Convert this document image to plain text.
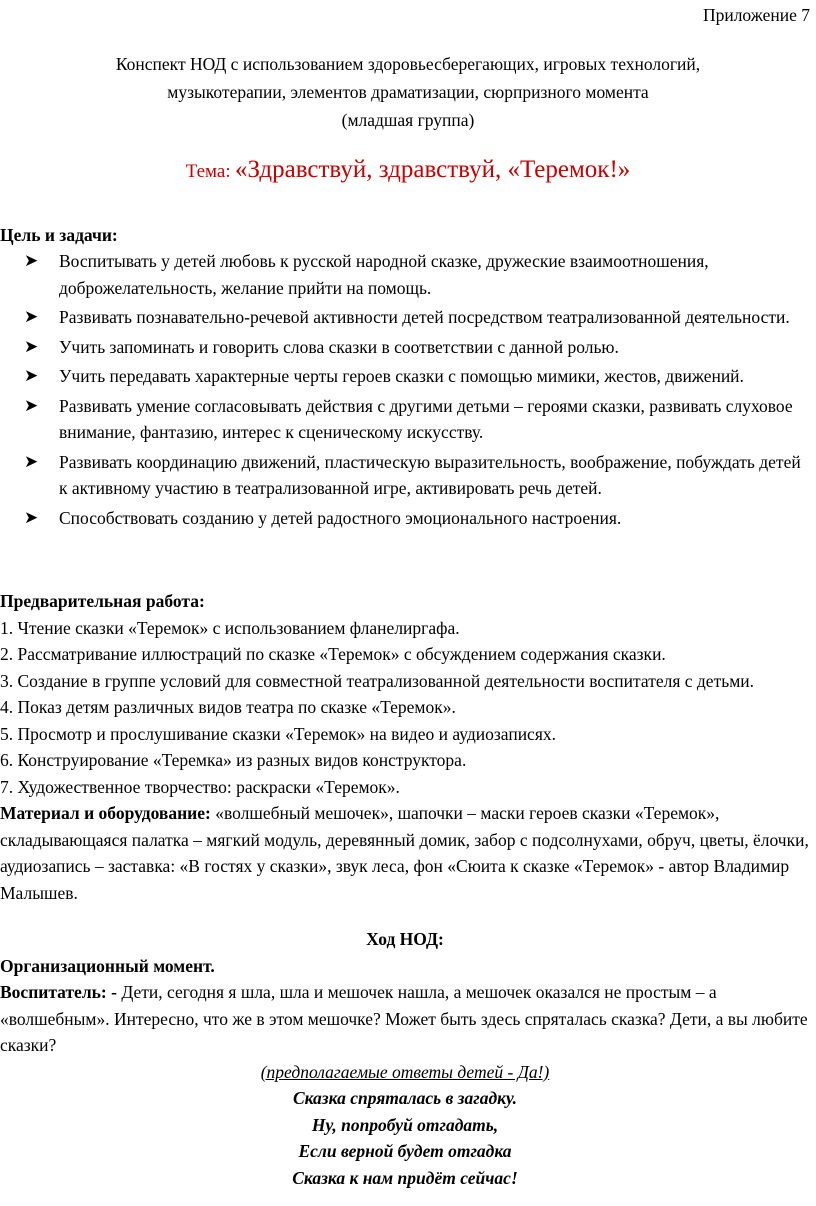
Приложение 7
Конспект НОД с использованием здоровьесберегающих, игровых технологий,
музыкотерапии, элементов драматизации, сюрпризного момента
(младшая группа)
Тема: «Здравствуй, здравствуй, «Теремок!»
Цель и задачи:
➤ Воспитывать у детей любовь к русской народной сказке, дружеские взаимоотношения, доброжелательность, желание прийти на помощь.
➤ Развивать познавательно-речевой активности детей посредством театрализованной деятельности.
➤ Учить запоминать и говорить слова сказки в соответствии с данной ролью.
➤ Учить передавать характерные черты героев сказки с помощью мимики, жестов, движений.
➤ Развивать умение согласовывать действия с другими детьми – героями сказки, развивать слуховое внимание, фантазию, интерес к сценическому искусству.
➤ Развивать координацию движений, пластическую выразительность, воображение, побуждать детей к активному участию в театрализованной игре, активировать речь детей.
➤ Способствовать созданию у детей радостного эмоционального настроения.

Предварительная работа:

1. Чтение сказки «Теремок» с использованием фланелиргафа.

2. Рассматривание иллюстраций по сказке «Теремок» с обсуждением содержания сказки.

3. Создание в группе условий для совместной театрализованной деятельности воспитателя с детьми.

4. Показ детям различных видов театра по сказке «Теремок».

5. Просмотр и прослушивание сказки «Теремок» на видео и аудиозаписях.

6. Конструирование «Теремка» из разных видов конструктора.

7. Художественное творчество: раскраски «Теремок».

Материал и оборудование: «волшебный мешочек», шапочки – маски героев сказки «Теремок», складывающаяся палатка – мягкий модуль, деревянный домик, забор с подсолнухами, обруч, цветы, ёлочки, аудиозапись – заставка: «В гостях у сказки», звук леса, фон «Сюита к сказке «Теремок» - автор Владимир Малышев.

Ход НОД:

Организационный момент.

Воспитатель: - Дети, сегодня я шла, шла и мешочек нашла, а мешочек оказался не простым – а «волшебным». Интересно, что же в этом мешочке? Может быть здесь спряталась сказка? Дети, а вы любите сказки?

(предполагаемые ответы детей - Да!)

Сказка спряталась в загадку.

Ну, попробуй отгадать,

Если верной будет отгадка

Сказка к нам придёт сейчас!
